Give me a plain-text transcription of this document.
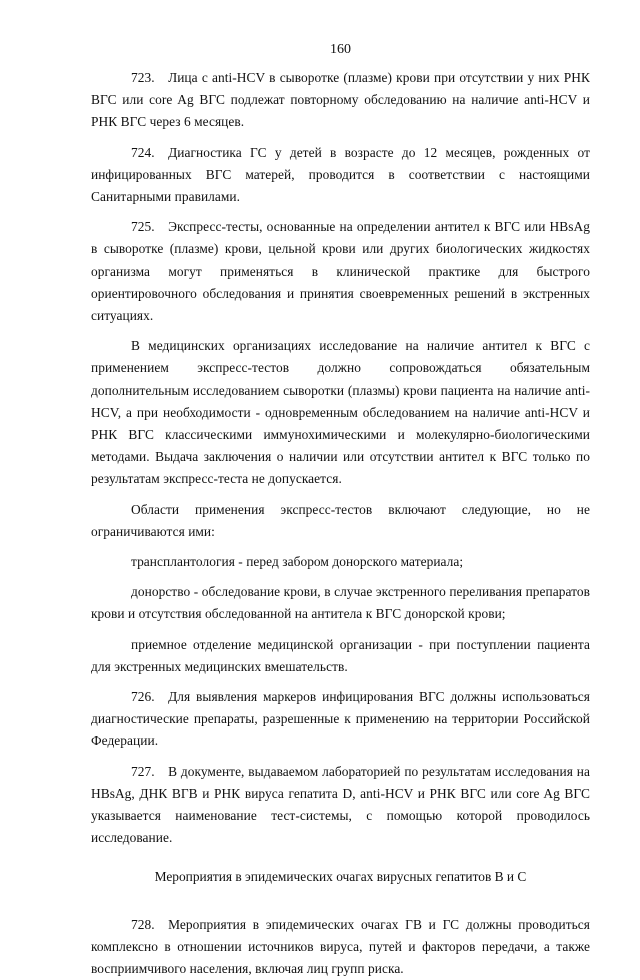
160

723. Лица с anti-HCV в сыворотке (плазме) крови при отсутствии у них РНК ВГС или core Ag ВГС подлежат повторному обследованию на наличие anti-HCV и РНК ВГС через 6 месяцев.

724. Диагностика ГС у детей в возрасте до 12 месяцев, рожденных от инфицированных ВГС матерей, проводится в соответствии с настоящими Санитарными правилами.

725. Экспресс-тесты, основанные на определении антител к ВГС или HBsAg в сыворотке (плазме) крови, цельной крови или других биологических жидкостях организма могут применяться в клинической практике для быстрого ориентировочного обследования и принятия своевременных решений в экстренных ситуациях.

В медицинских организациях исследование на наличие антител к ВГС с применением экспресс-тестов должно сопровождаться обязательным дополнительным исследованием сыворотки (плазмы) крови пациента на наличие anti-HCV, а при необходимости - одновременным обследованием на наличие anti-HCV и РНК ВГС классическими иммунохимическими и молекулярно-биологическими методами. Выдача заключения о наличии или отсутствии антител к ВГС только по результатам экспресс-теста не допускается.

Области применения экспресс-тестов включают следующие, но не ограничиваются ими:

трансплантология - перед забором донорского материала;

донорство - обследование крови, в случае экстренного переливания препаратов крови и отсутствия обследованной на антитела к ВГС донорской крови;

приемное отделение медицинской организации - при поступлении пациента для экстренных медицинских вмешательств.

726. Для выявления маркеров инфицирования ВГС должны использоваться диагностические препараты, разрешенные к применению на территории Российской Федерации.

727. В документе, выдаваемом лабораторией по результатам исследования на HBsAg, ДНК ВГВ и РНК вируса гепатита D, anti-HCV и РНК ВГС или core Ag ВГС указывается наименование тест-системы, с помощью которой проводилось исследование.

Мероприятия в эпидемических очагах вирусных гепатитов В и С

728. Мероприятия в эпидемических очагах ГВ и ГС должны проводиться комплексно в отношении источников вируса, путей и факторов передачи, а также восприимчивого населения, включая лиц групп риска.
